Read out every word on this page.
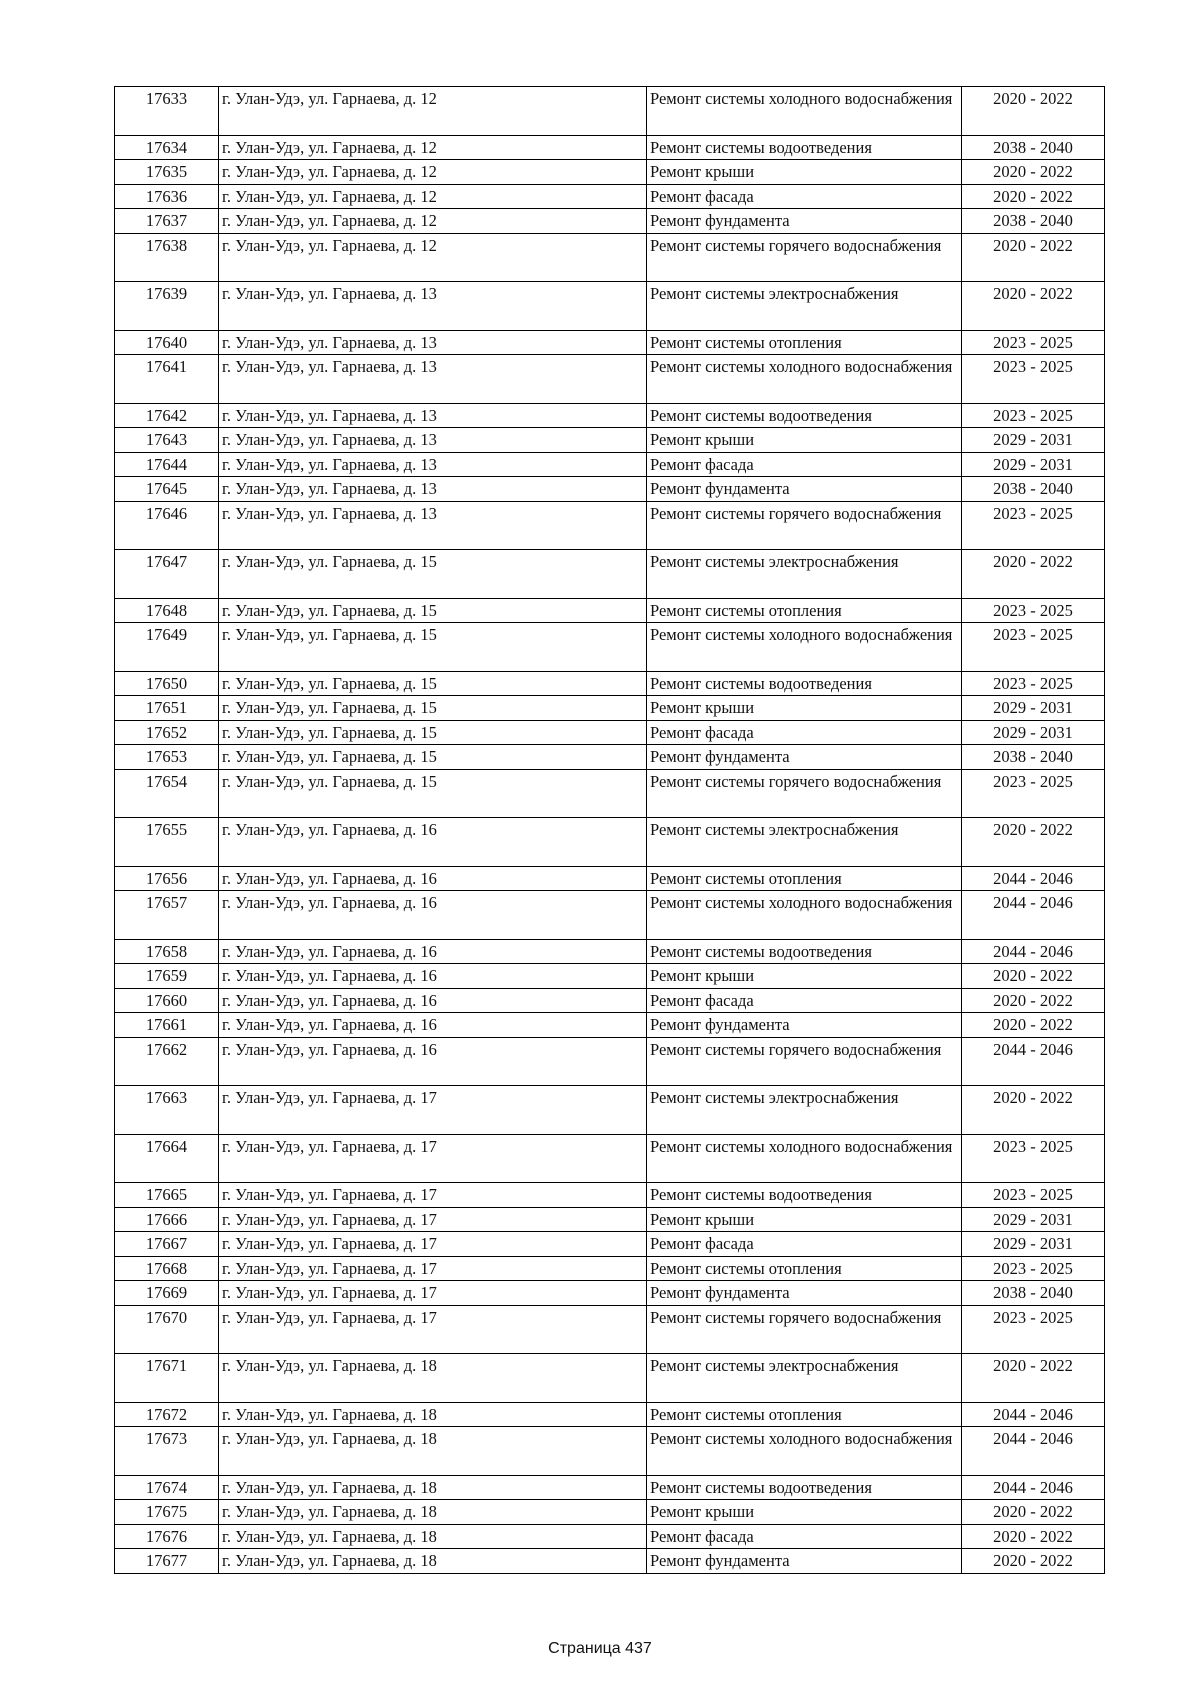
17633	г. Улан-Удэ, ул. Гарнаева, д. 12	Ремонт системы холодного водоснабжения	2020 - 2022
17634	г. Улан-Удэ, ул. Гарнаева, д. 12	Ремонт системы водоотведения	2038 - 2040
17635	г. Улан-Удэ, ул. Гарнаева, д. 12	Ремонт крыши	2020 - 2022
17636	г. Улан-Удэ, ул. Гарнаева, д. 12	Ремонт фасада	2020 - 2022
17637	г. Улан-Удэ, ул. Гарнаева, д. 12	Ремонт фундамента	2038 - 2040
17638	г. Улан-Удэ, ул. Гарнаева, д. 12	Ремонт системы горячего водоснабжения	2020 - 2022
17639	г. Улан-Удэ, ул. Гарнаева, д. 13	Ремонт системы электроснабжения	2020 - 2022
17640	г. Улан-Удэ, ул. Гарнаева, д. 13	Ремонт системы отопления	2023 - 2025
17641	г. Улан-Удэ, ул. Гарнаева, д. 13	Ремонт системы холодного водоснабжения	2023 - 2025
17642	г. Улан-Удэ, ул. Гарнаева, д. 13	Ремонт системы водоотведения	2023 - 2025
17643	г. Улан-Удэ, ул. Гарнаева, д. 13	Ремонт крыши	2029 - 2031
17644	г. Улан-Удэ, ул. Гарнаева, д. 13	Ремонт фасада	2029 - 2031
17645	г. Улан-Удэ, ул. Гарнаева, д. 13	Ремонт фундамента	2038 - 2040
17646	г. Улан-Удэ, ул. Гарнаева, д. 13	Ремонт системы горячего водоснабжения	2023 - 2025
17647	г. Улан-Удэ, ул. Гарнаева, д. 15	Ремонт системы электроснабжения	2020 - 2022
17648	г. Улан-Удэ, ул. Гарнаева, д. 15	Ремонт системы отопления	2023 - 2025
17649	г. Улан-Удэ, ул. Гарнаева, д. 15	Ремонт системы холодного водоснабжения	2023 - 2025
17650	г. Улан-Удэ, ул. Гарнаева, д. 15	Ремонт системы водоотведения	2023 - 2025
17651	г. Улан-Удэ, ул. Гарнаева, д. 15	Ремонт крыши	2029 - 2031
17652	г. Улан-Удэ, ул. Гарнаева, д. 15	Ремонт фасада	2029 - 2031
17653	г. Улан-Удэ, ул. Гарнаева, д. 15	Ремонт фундамента	2038 - 2040
17654	г. Улан-Удэ, ул. Гарнаева, д. 15	Ремонт системы горячего водоснабжения	2023 - 2025
17655	г. Улан-Удэ, ул. Гарнаева, д. 16	Ремонт системы электроснабжения	2020 - 2022
17656	г. Улан-Удэ, ул. Гарнаева, д. 16	Ремонт системы отопления	2044 - 2046
17657	г. Улан-Удэ, ул. Гарнаева, д. 16	Ремонт системы холодного водоснабжения	2044 - 2046
17658	г. Улан-Удэ, ул. Гарнаева, д. 16	Ремонт системы водоотведения	2044 - 2046
17659	г. Улан-Удэ, ул. Гарнаева, д. 16	Ремонт крыши	2020 - 2022
17660	г. Улан-Удэ, ул. Гарнаева, д. 16	Ремонт фасада	2020 - 2022
17661	г. Улан-Удэ, ул. Гарнаева, д. 16	Ремонт фундамента	2020 - 2022
17662	г. Улан-Удэ, ул. Гарнаева, д. 16	Ремонт системы горячего водоснабжения	2044 - 2046
17663	г. Улан-Удэ, ул. Гарнаева, д. 17	Ремонт системы электроснабжения	2020 - 2022
17664	г. Улан-Удэ, ул. Гарнаева, д. 17	Ремонт системы холодного водоснабжения	2023 - 2025
17665	г. Улан-Удэ, ул. Гарнаева, д. 17	Ремонт системы водоотведения	2023 - 2025
17666	г. Улан-Удэ, ул. Гарнаева, д. 17	Ремонт крыши	2029 - 2031
17667	г. Улан-Удэ, ул. Гарнаева, д. 17	Ремонт фасада	2029 - 2031
17668	г. Улан-Удэ, ул. Гарнаева, д. 17	Ремонт системы отопления	2023 - 2025
17669	г. Улан-Удэ, ул. Гарнаева, д. 17	Ремонт фундамента	2038 - 2040
17670	г. Улан-Удэ, ул. Гарнаева, д. 17	Ремонт системы горячего водоснабжения	2023 - 2025
17671	г. Улан-Удэ, ул. Гарнаева, д. 18	Ремонт системы электроснабжения	2020 - 2022
17672	г. Улан-Удэ, ул. Гарнаева, д. 18	Ремонт системы отопления	2044 - 2046
17673	г. Улан-Удэ, ул. Гарнаева, д. 18	Ремонт системы холодного водоснабжения	2044 - 2046
17674	г. Улан-Удэ, ул. Гарнаева, д. 18	Ремонт системы водоотведения	2044 - 2046
17675	г. Улан-Удэ, ул. Гарнаева, д. 18	Ремонт крыши	2020 - 2022
17676	г. Улан-Удэ, ул. Гарнаева, д. 18	Ремонт фасада	2020 - 2022
17677	г. Улан-Удэ, ул. Гарнаева, д. 18	Ремонт фундамента	2020 - 2022
Страница 437
